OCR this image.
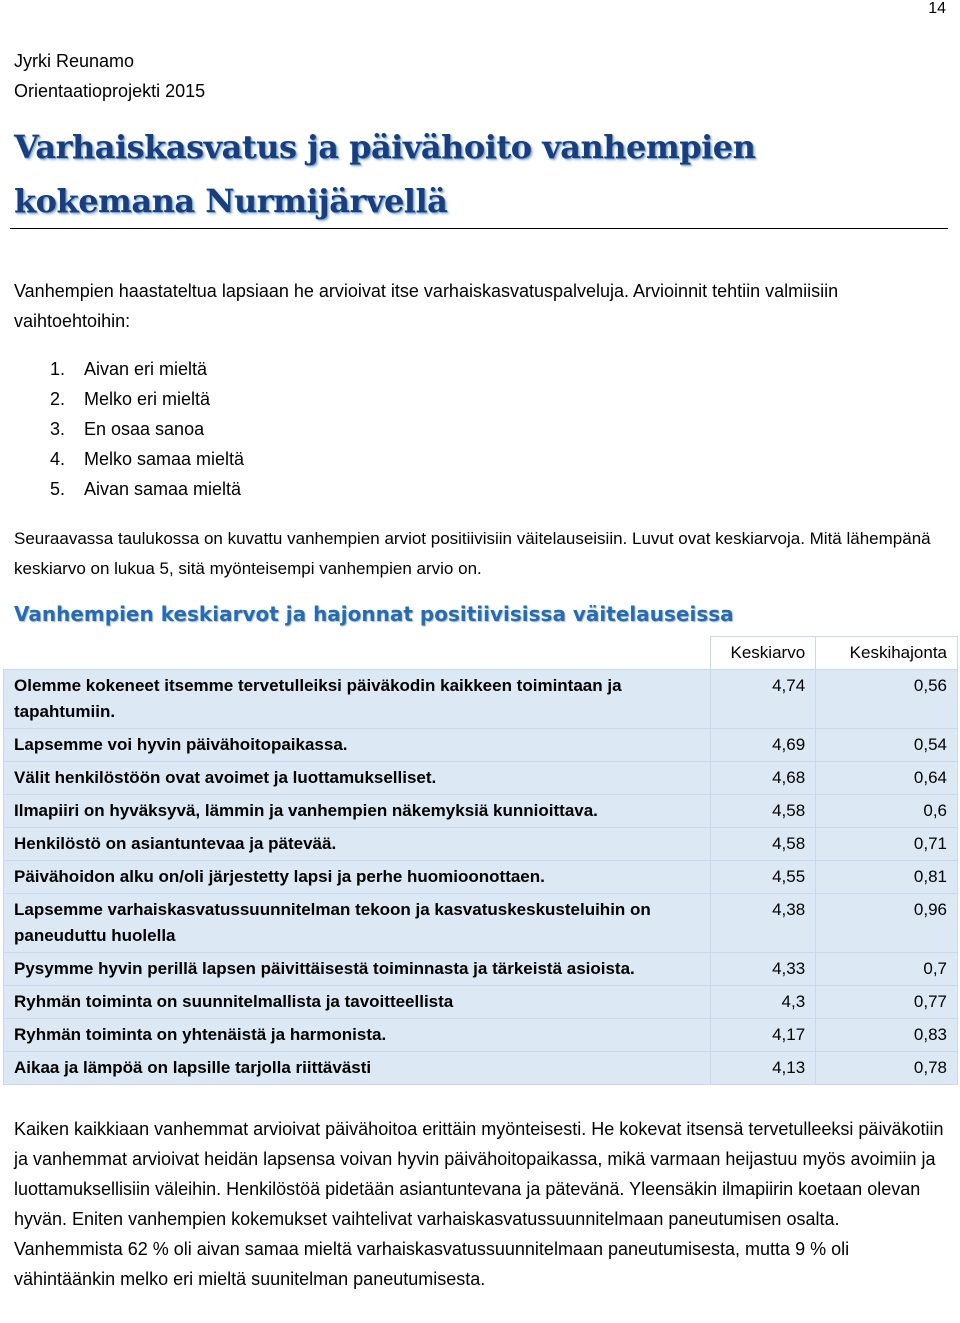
14
Jyrki Reunamo
Orientaatioprojekti 2015
Varhaiskasvatus ja päivähoito vanhempien
kokemana Nurmijärvellä

Vanhempien haastateltua lapsiaan he arvioivat itse varhaiskasvatuspalveluja. Arvioinnit tehtiin valmiisiin vaihtoehtoihin:

1.	Aivan eri mieltä
2.	Melko eri mieltä
3.	En osaa sanoa
4.	Melko samaa mieltä
5.	Aivan samaa mieltä

Seuraavassa taulukossa on kuvattu vanhempien arviot positiivisiin väitelauseisiin. Luvut ovat keskiarvoja. Mitä lähempänä keskiarvo on lukua 5, sitä myönteisempi vanhempien arvio on.

Vanhempien keskiarvot ja hajonnat positiivisissa väitelauseissa
	Keskiarvo	Keskihajonta
Olemme kokeneet itsemme tervetulleiksi päiväkodin kaikkeen toimintaan ja tapahtumiin.	4,74	0,56
Lapsemme voi hyvin päivähoitopaikassa.	4,69	0,54
Välit henkilöstöön ovat avoimet ja luottamukselliset.	4,68	0,64
Ilmapiiri on hyväksyvä, lämmin ja vanhempien näkemyksiä kunnioittava.	4,58	0,6
Henkilöstö on asiantuntevaa ja pätevää.	4,58	0,71
Päivähoidon alku on/oli järjestetty lapsi ja perhe huomioonottaen.	4,55	0,81
Lapsemme varhaiskasvatussuunnitelman tekoon ja kasvatuskeskusteluihin on paneuduttu huolella	4,38	0,96
Pysymme hyvin perillä lapsen päivittäisestä toiminnasta ja tärkeistä asioista.	4,33	0,7
Ryhmän toiminta on suunnitelmallista ja tavoitteellista	4,3	0,77
Ryhmän toiminta on yhtenäistä ja harmonista.	4,17	0,83
Aikaa ja lämpöä on lapsille tarjolla riittävästi	4,13	0,78

Kaiken kaikkiaan vanhemmat arvioivat päivähoitoa erittäin myönteisesti. He kokevat itsensä tervetulleeksi päiväkotiin ja vanhemmat arvioivat heidän lapsensa voivan hyvin päivähoitopaikassa, mikä varmaan heijastuu myös avoimiin ja luottamuksellisiin väleihin. Henkilöstöä pidetään asiantuntevana ja pätevänä. Yleensäkin ilmapiirin koetaan olevan hyvän. Eniten vanhempien kokemukset vaihtelivat varhaiskasvatussuunnitelmaan paneutumisen osalta. Vanhemmista 62 % oli aivan samaa mieltä varhaiskasvatussuunnitelmaan paneutumisesta, mutta 9 % oli vähintäänkin melko eri mieltä suunitelman paneutumisesta.
